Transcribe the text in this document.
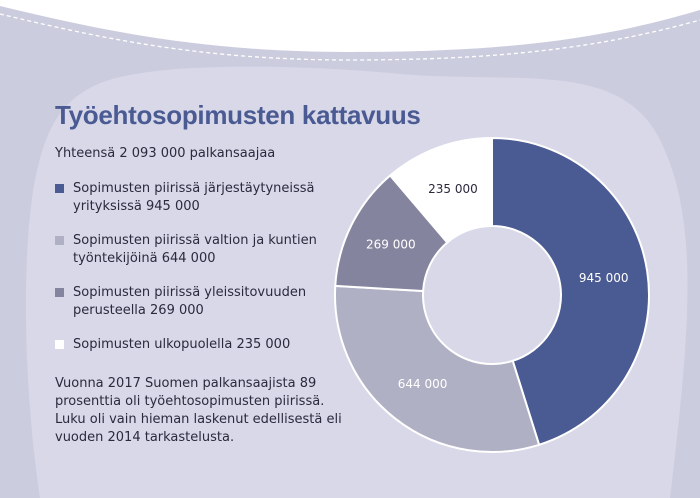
Työehtosopimusten kattavuus
Yhteensä 2 093 000 palkansaajaa
Sopimusten piirissä järjestäytyneissä yrityksissä 945 000
Sopimusten piirissä valtion ja kuntien työntekijöinä 644 000
Sopimusten piirissä yleissitovuuden perusteella 269 000
Sopimusten ulkopuolella 235 000
Vuonna 2017 Suomen palkansaajista 89 prosenttia oli työehtosopimusten piirissä. Luku oli vain hieman laskenut edellisestä eli vuoden 2014 tarkastelusta.
945 000
644 000
269 000
235 000
